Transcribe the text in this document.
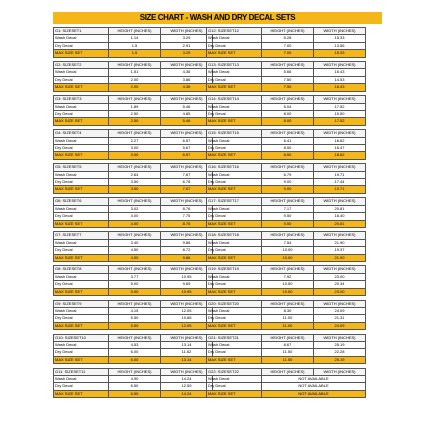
SIZE CHART - WASH AND DRY DECAL SETS
G1: SIZESET1	HEIGHT (INCHES)	WIDTH (INCHES)
Wash Decal	1.14	3.29
Dry Decal	1.5	2.91
MAX SIZE SET	1.5	3.29
G2: SIZESET2	HEIGHT (INCHES)	WIDTH (INCHES)
Wash Decal	1.51	4.36
Dry Decal	2.00	3.86
MAX SIZE SET	2.00	4.36
G3: SIZESET3	HEIGHT (INCHES)	WIDTH (INCHES)
Wash Decal	1.89	5.46
Dry Decal	2.50	4.85
MAX SIZE SET	2.50	5.46
G4: SIZESET4	HEIGHT (INCHES)	WIDTH (INCHES)
Wash Decal	2.27	6.57
Dry Decal	3.00	5.67
MAX SIZE SET	3.00	6.57
G5: SIZESET5	HEIGHT (INCHES)	WIDTH (INCHES)
Wash Decal	2.64	7.67
Dry Decal	3.50	6.78
MAX SIZE SET	3.50	7.67
G6: SIZESET6	HEIGHT (INCHES)	WIDTH (INCHES)
Wash Decal	3.02	8.76
Dry Decal	4.00	7.75
MAX SIZE SET	4.00	8.76
G7: SIZESET7	HEIGHT (INCHES)	WIDTH (INCHES)
Wash Decal	3.40	9.86
Dry Decal	4.50	8.72
MAX SIZE SET	4.50	9.86
G8: SIZESET8	HEIGHT (INCHES)	WIDTH (INCHES)
Wash Decal	3.77	10.95
Dry Decal	5.00	9.69
MAX SIZE SET	5.00	10.95
G9: SIZESET9	HEIGHT (INCHES)	WIDTH (INCHES)
Wash Decal	4.15	12.05
Dry Decal	5.50	10.66
MAX SIZE SET	5.50	12.05
G10: SIZESET10	HEIGHT (INCHES)	WIDTH (INCHES)
Wash Decal	4.53	13.14
Dry Decal	6.00	11.62
MAX SIZE SET	6.00	13.14
G11: SIZESET11	HEIGHT (INCHES)	WIDTH (INCHES)
Wash Decal	4.90	14.24
Dry Decal	6.50	12.59
MAX SIZE SET	6.50	14.24
G12: SIZESET12	HEIGHT (INCHES)	WIDTH (INCHES)
Wash Decal	5.28	15.33
Dry Decal	7.00	13.56
MAX SIZE SET	7.00	15.33
G13: SIZESET13	HEIGHT (INCHES)	WIDTH (INCHES)
Wash Decal	5.66	16.43
Dry Decal	7.50	14.53
MAX SIZE SET	7.50	16.43
G14: SIZESET14	HEIGHT (INCHES)	WIDTH (INCHES)
Wash Decal	6.04	17.52
Dry Decal	8.00	15.50
MAX SIZE SET	8.00	17.52
G15: SIZESET15	HEIGHT (INCHES)	WIDTH (INCHES)
Wash Decal	6.41	18.62
Dry Decal	8.50	16.47
MAX SIZE SET	8.50	18.62
G16: SIZESET16	HEIGHT (INCHES)	WIDTH (INCHES)
Wash Decal	6.79	19.71
Dry Decal	9.00	17.44
MAX SIZE SET	9.00	19.71
G17: SIZESET17	HEIGHT (INCHES)	WIDTH (INCHES)
Wash Decal	7.17	20.81
Dry Decal	9.50	18.40
MAX SIZE SET	9.50	20.81
G18: SIZESET18	HEIGHT (INCHES)	WIDTH (INCHES)
Wash Decal	7.54	21.90
Dry Decal	10.00	19.37
MAX SIZE SET	10.00	21.90
G19: SIZESET19	HEIGHT (INCHES)	WIDTH (INCHES)
Wash Decal	7.92	23.00
Dry Decal	10.50	20.34
MAX SIZE SET	10.50	23.00
G20: SIZESET20	HEIGHT (INCHES)	WIDTH (INCHES)
Wash Decal	8.30	24.09
Dry Decal	11.00	21.31
MAX SIZE SET	11.00	24.09
G21: SIZESET21	HEIGHT (INCHES)	WIDTH (INCHES)
Wash Decal	8.67	25.19
Dry Decal	11.50	22.28
MAX SIZE SET	11.50	25.19
G22: SIZESET22	HEIGHT (INCHES)	WIDTH (INCHES)
Wash Decal	NOT AVAILABLE	
Dry Decal	NOT AVAILABLE	
MAX SIZE SET	NOT AVAILABLE	
